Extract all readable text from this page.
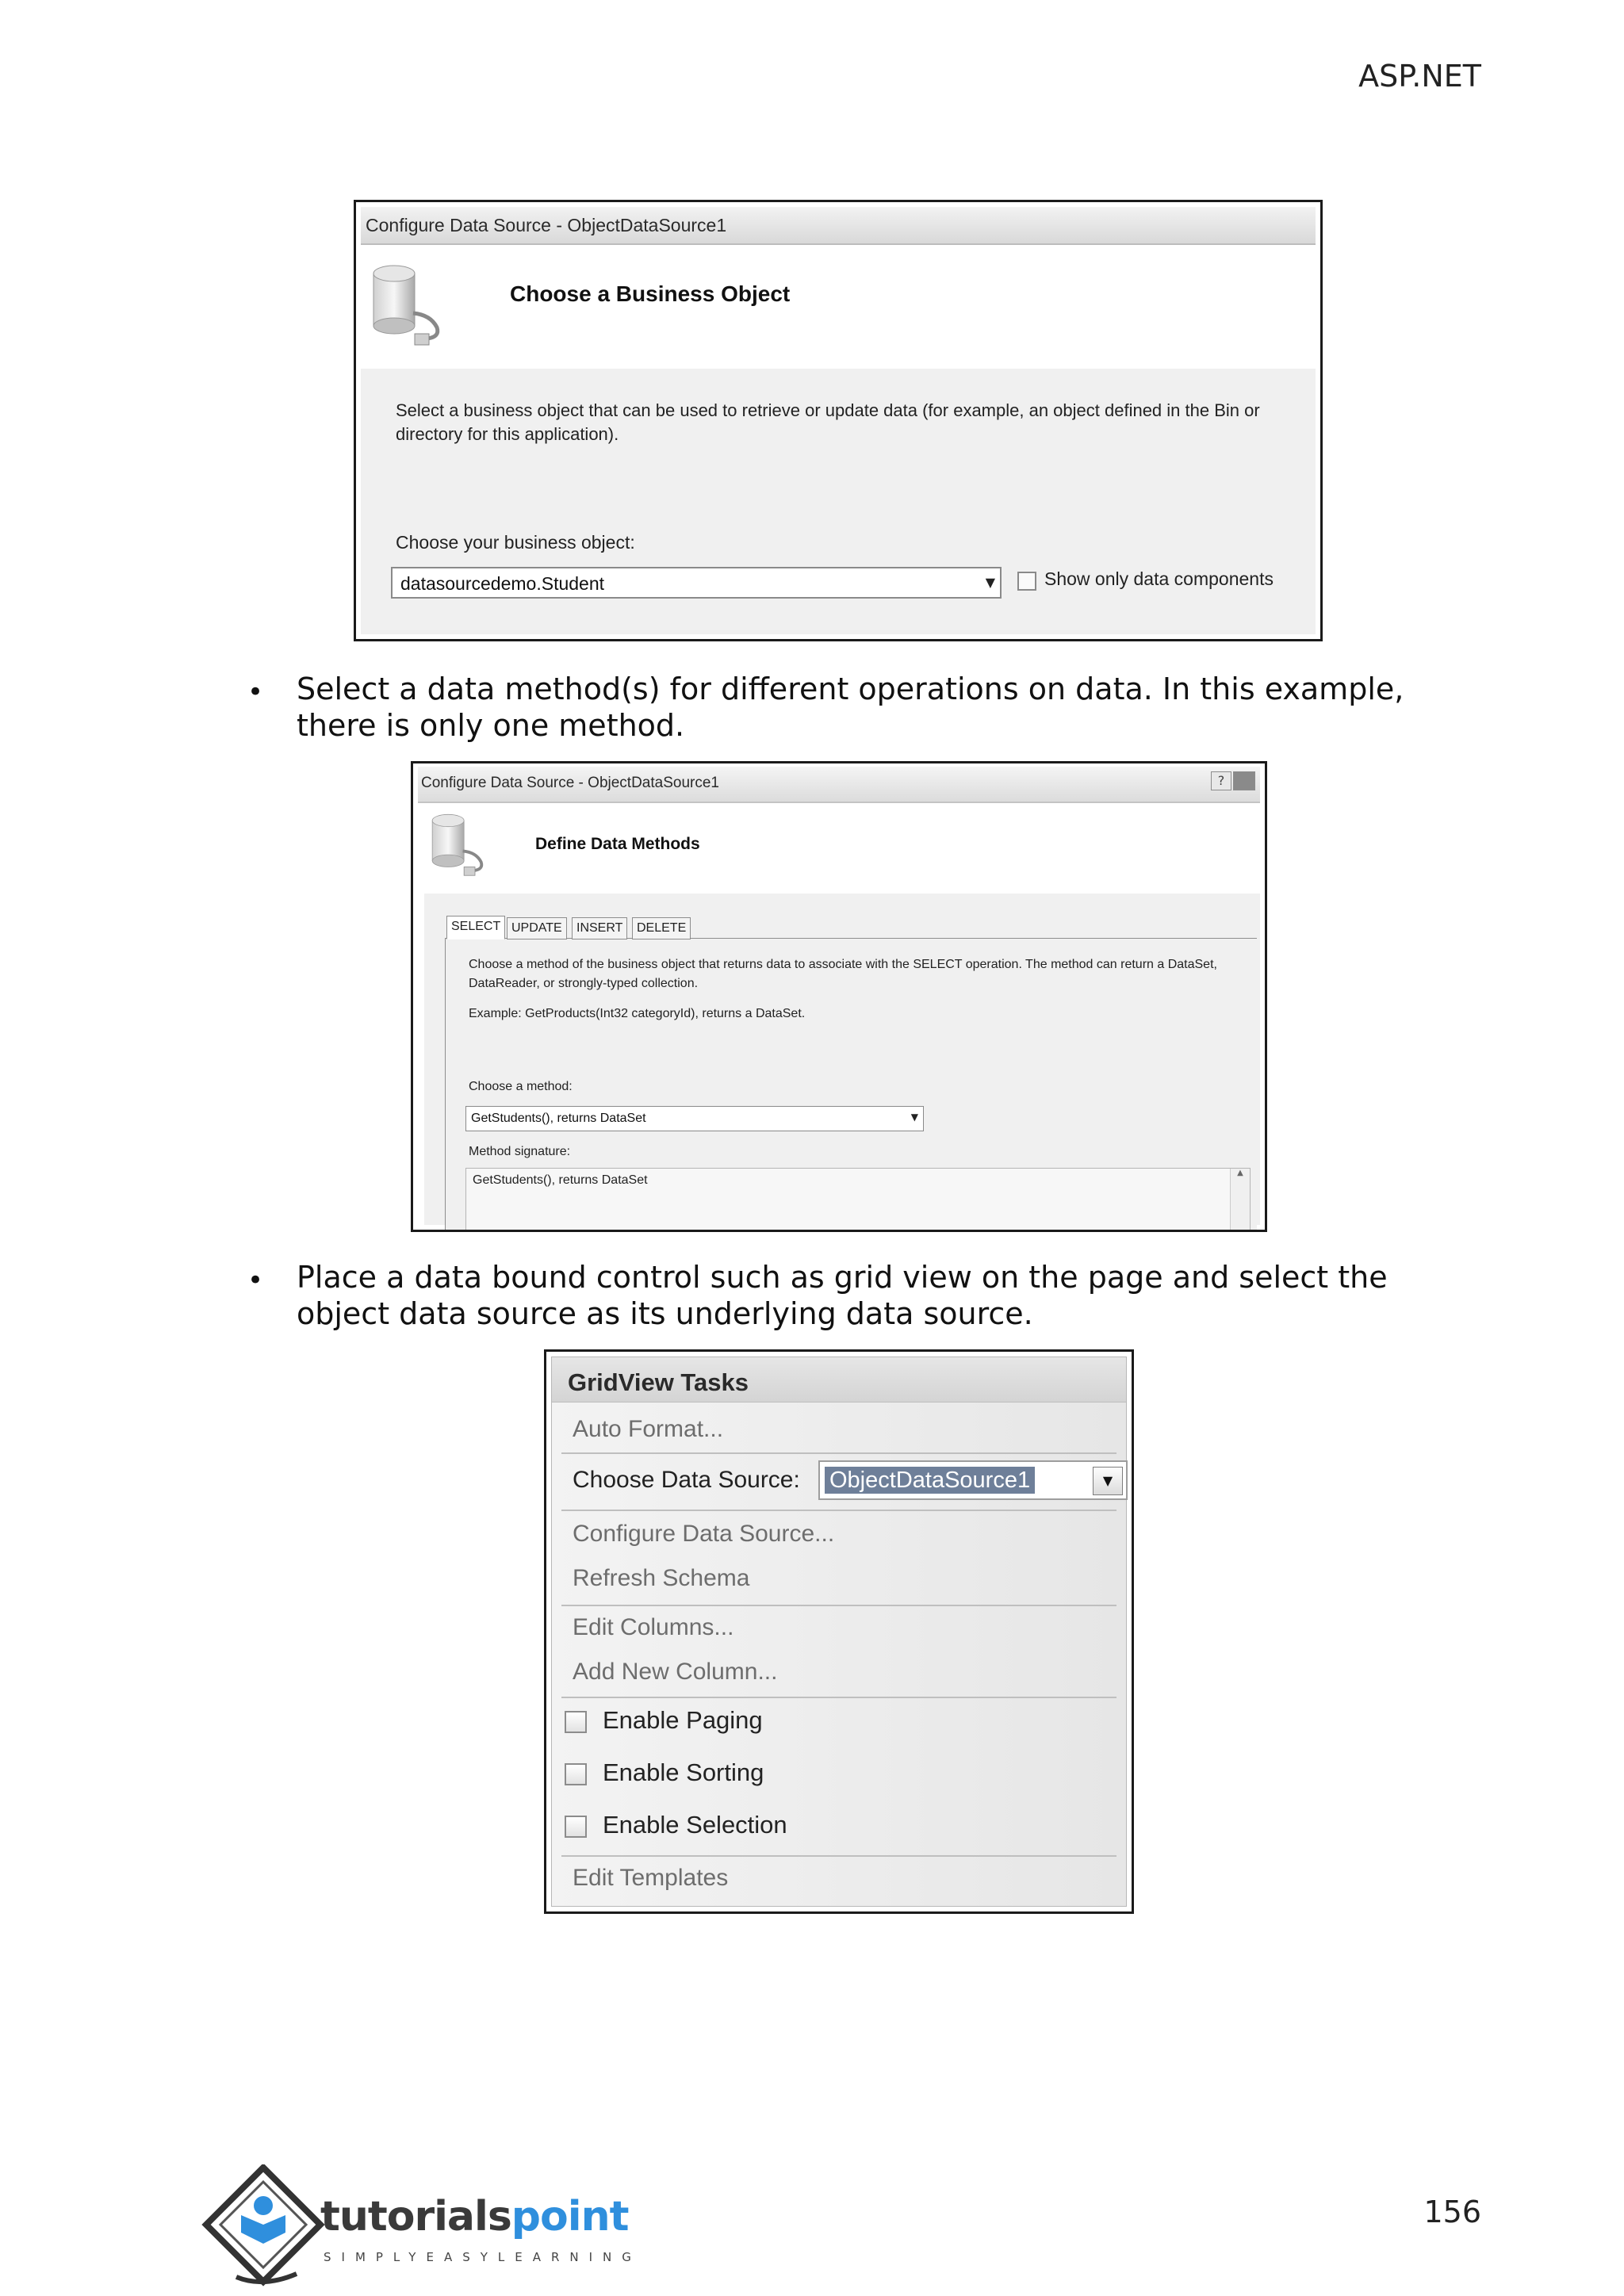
ASP.NET
Configure Data Source - ObjectDataSource1
Choose a Business Object
Select a business object that can be used to retrieve or update data (for example, an object defined in the Bin or directory for this application).
Choose your business object:
datasourcedemo.Student	▼	Show only data components
• Select a data method(s) for different operations on data. In this example, there is only one method.
Configure Data Source - ObjectDataSource1	?
Define Data Methods
SELECT UPDATE	INSERT	DELETE
Choose a method of the business object that returns data to associate with the SELECT operation. The method can return a DataSet, DataReader, or strongly-typed collection.
Example: GetProducts(Int32 categoryId), returns a DataSet.
Choose a method:
GetStudents(), returns DataSet	▼
Method signature:
GetStudents(), returns DataSet
▲
• Place a data bound control such as grid view on the page and select the object data source as its underlying data source.
GridView Tasks
Auto Format...
Choose Data Source: ObjectDataSource1	▼
Configure Data Source...
Refresh Schema
Edit Columns...
Add New Column...
Enable Paging
Enable Sorting
Enable Selection
Edit Templates
tutorialspoint
SIMPLYEASYLEARNING
156
